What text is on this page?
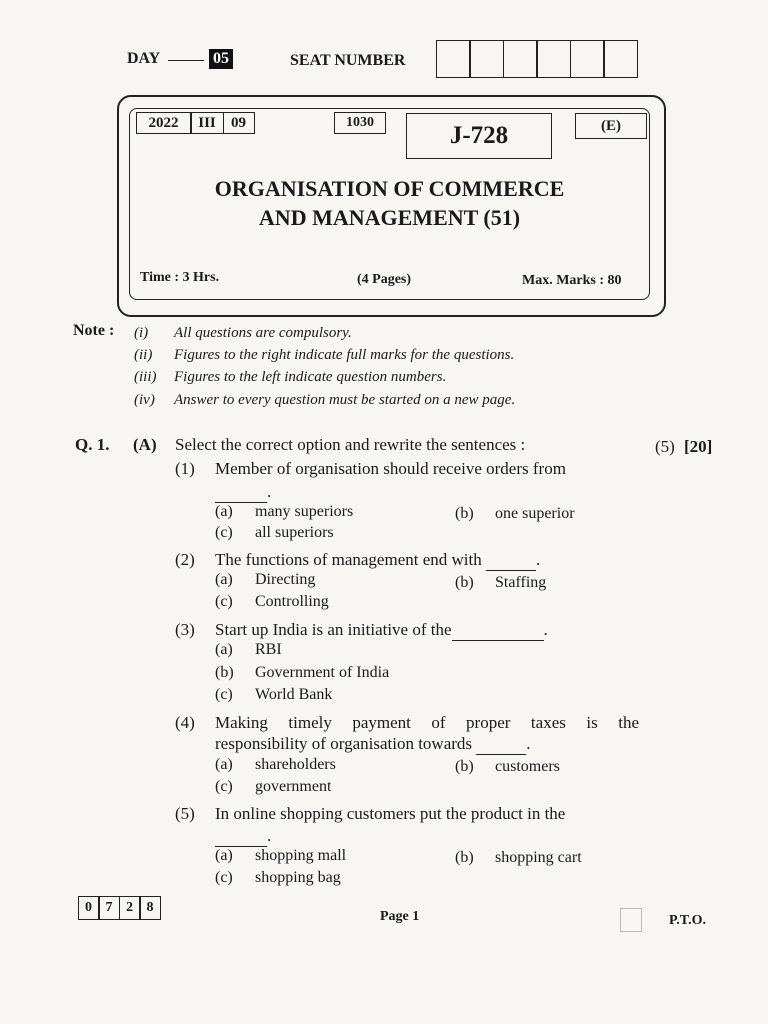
DAY	05	SEAT NUMBER
2022	III	09	1030	J-728	(E)
ORGANISATION OF COMMERCE
AND MANAGEMENT (51)
Time : 3 Hrs.	(4 Pages)	Max. Marks : 80
Note : (i) All questions are compulsory.
(ii) Figures to the right indicate full marks for the questions.
(iii) Figures to the left indicate question numbers.
(iv) Answer to every question must be started on a new page.
Q. 1. (A) Select the correct option and rewrite the sentences :	(5) [20]
(1) Member of organisation should receive orders from
.
(a) many superiors	(b) one superior
(c) all superiors
(2) The functions of management end with	.
(a) Directing	(b) Staffing
(c) Controlling
(3) Start up India is an initiative of the	.
(a) RBI
(b) Government of India
(c) World Bank
(4) Making timely payment of proper taxes is the
responsibility of organisation towards	.
(a) shareholders	(b) customers
(c) government
(5) In online shopping customers put the product in the
.
(a) shopping mall	(b) shopping cart
(c) shopping bag
0 7 2 8
Page 1	P.T.O.
